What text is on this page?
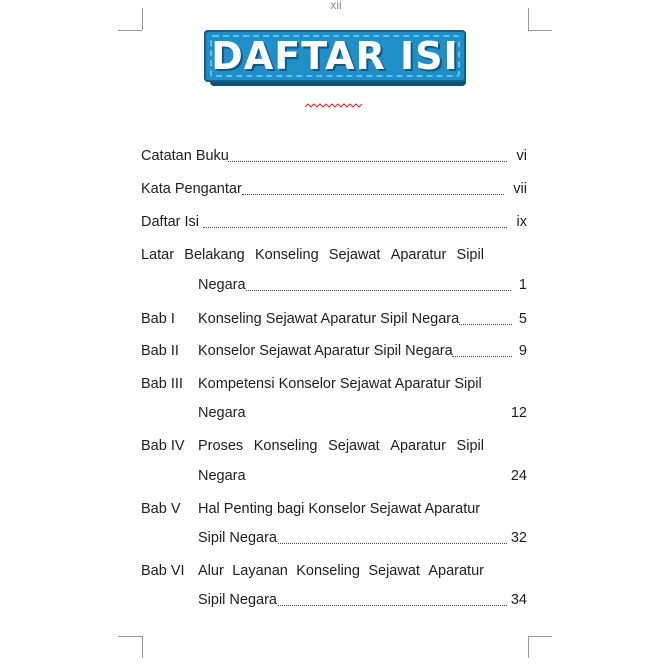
xii
DAFTAR ISI
Catatan Buku	vi
Kata Pengantar	vii
Daftar Isi	ix
Latar Belakang Konseling Sejawat Aparatur Sipil
Negara	1
Bab I Konseling Sejawat Aparatur Sipil Negara	5
Bab II Konselor Sejawat Aparatur Sipil Negara	9
Bab III Kompetensi Konselor Sejawat Aparatur Sipil
Negara	12
Bab IV Proses Konseling Sejawat Aparatur Sipil
Negara	24
Bab V Hal Penting bagi Konselor Sejawat Aparatur
Sipil Negara	32
Bab VI Alur Layanan Konseling Sejawat Aparatur
Sipil Negara	34
